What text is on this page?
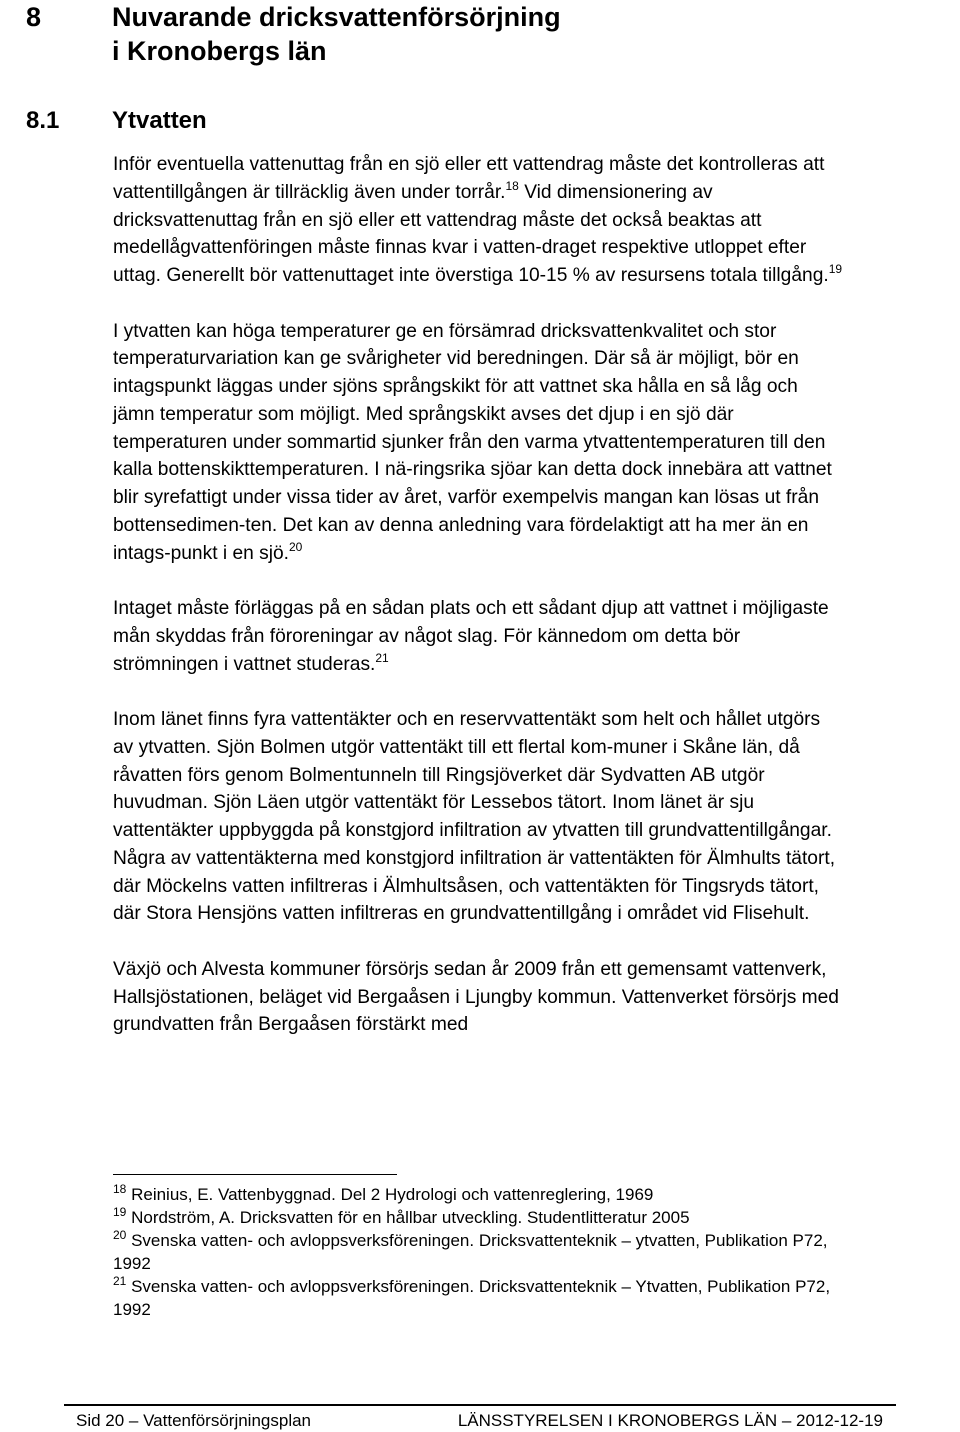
8	Nuvarande dricksvattenförsörjning
i Kronobergs län
8.1 Ytvatten

Inför eventuella vattenuttag från en sjö eller ett vattendrag måste det kontrolleras att vattentillgången är tillräcklig även under torrår.$^{18}$ Vid dimensionering av dricksvattenuttag från en sjö eller ett vattendrag måste det också beaktas att medellågvattenföringen måste finnas kvar i vatten-draget respektive utloppet efter uttag. Generellt bör vattenuttaget inte överstiga 10-15 % av resursens totala tillgång.$^{19}$

I ytvatten kan höga temperaturer ge en försämrad dricksvattenkvalitet och stor temperaturvariation kan ge svårigheter vid beredningen. Där så är möjligt, bör en intagspunkt läggas under sjöns språngskikt för att vattnet ska hålla en så låg och jämn temperatur som möjligt. Med språngskikt avses det djup i en sjö där temperaturen under sommartid sjunker från den varma ytvattentemperaturen till den kalla bottenskikttemperaturen. I nä-ringsrika sjöar kan detta dock innebära att vattnet blir syrefattigt under vissa tider av året, varför exempelvis mangan kan lösas ut från bottensedimen-ten. Det kan av denna anledning vara fördelaktigt att ha mer än en intags-punkt i en sjö.$^{20}$

Intaget måste förläggas på en sådan plats och ett sådant djup att vattnet i möjligaste mån skyddas från föroreningar av något slag. För kännedom om detta bör strömningen i vattnet studeras.$^{21}$

Inom länet finns fyra vattentäkter och en reservvattentäkt som helt och hållet utgörs av ytvatten. Sjön Bolmen utgör vattentäkt till ett flertal kom-muner i Skåne län, då råvatten förs genom Bolmentunneln till Ringsjöverket där Sydvatten AB utgör huvudman. Sjön Läen utgör vattentäkt för Lessebos tätort. Inom länet är sju vattentäkter uppbyggda på konstgjord infiltration av ytvatten till grundvattentillgångar. Några av vattentäkterna med konstgjord infiltration är vattentäkten för Älmhults tätort, där Möckelns vatten infiltreras i Älmhultsåsen, och vattentäkten för Tingsryds tätort, där Stora Hensjöns vatten infiltreras en grundvattentillgång i området vid Flisehult.

Växjö och Alvesta kommuner försörjs sedan år 2009 från ett gemensamt vattenverk, Hallsjöstationen, beläget vid Bergaåsen i Ljungby kommun. Vattenverket försörjs med grundvatten från Bergaåsen förstärkt med

$^{18}$ Reinius, E. Vattenbyggnad. Del 2 Hydrologi och vattenreglering, 1969

$^{19}$ Nordström, A. Dricksvatten för en hållbar utveckling. Studentlitteratur 2005

$^{20}$ Svenska vatten- och avloppsverksföreningen. Dricksvattenteknik – ytvatten, Publikation P72, 1992

$^{21}$ Svenska vatten- och avloppsverksföreningen. Dricksvattenteknik – Ytvatten, Publikation P72, 1992

Sid 20 – Vattenförsörjningsplan	LÄNSSTYRELSEN I KRONOBERGS LÄN – 2012-12-19
